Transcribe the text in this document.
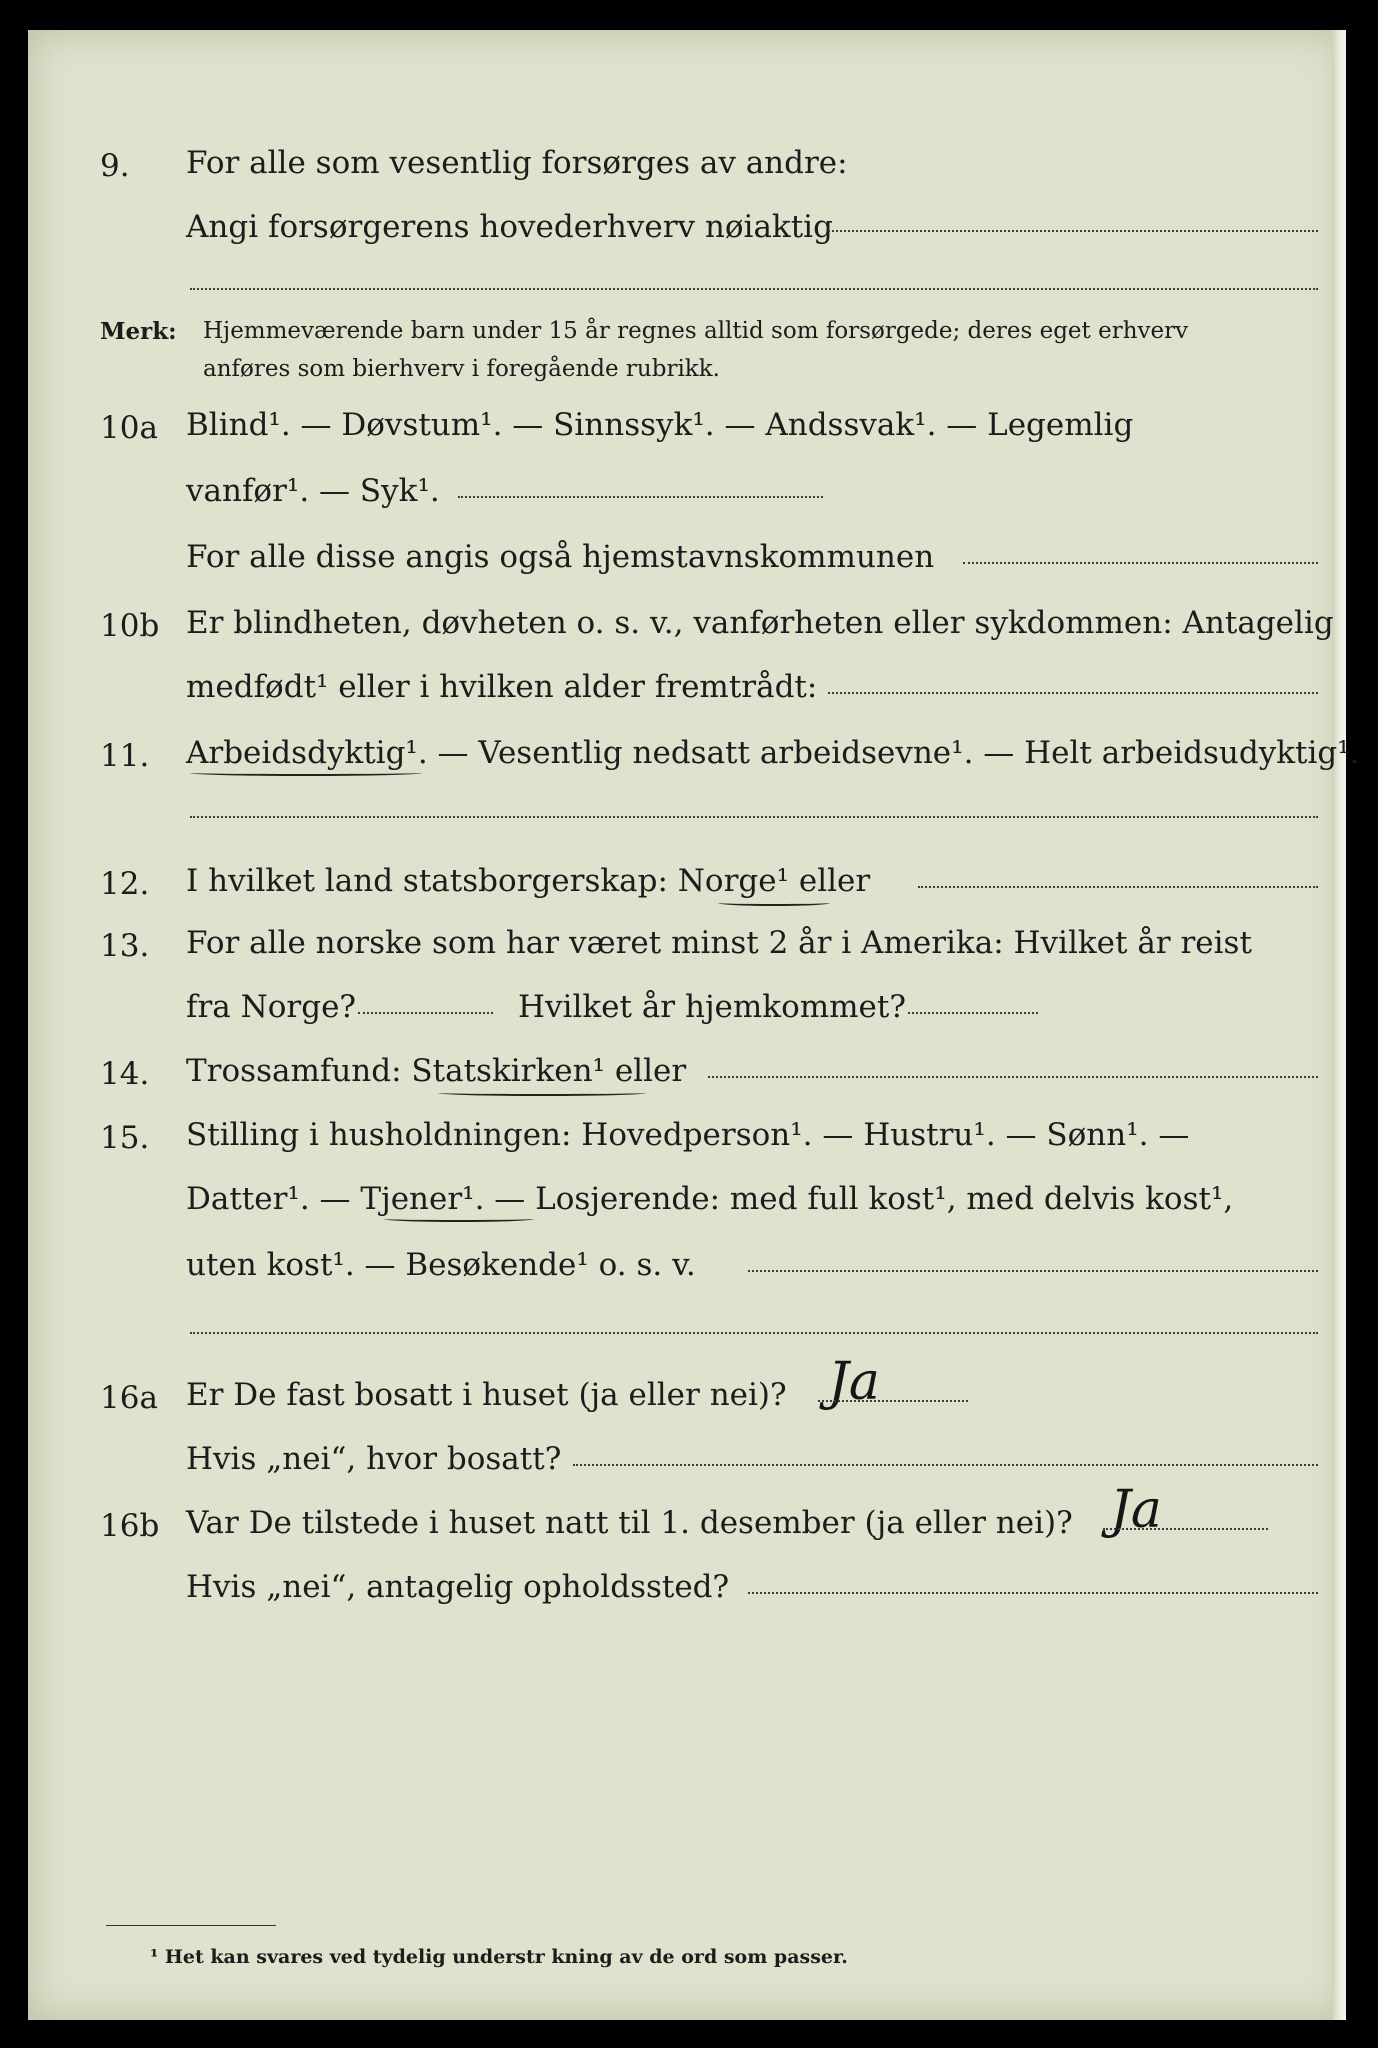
9. For alle som vesentlig forsørges av andre:
Angi forsørgerens hovederhverv nøiaktig
Merk: Hjemmeværende barn under 15 år regnes alltid som forsørgede; deres eget erhverv
anføres som bierhverv i foregående rubrikk.
10a Blind¹. — Døvstum¹. — Sinnssyk¹. — Andssvak¹. — Legemlig
vanfør¹. — Syk¹.
For alle disse angis også hjemstavnskommunen
10b Er blindheten, døvheten o. s. v., vanførheten eller sykdommen: Antagelig
medfødt¹ eller i hvilken alder fremtrådt:
11. Arbeidsdyktig¹. — Vesentlig nedsatt arbeidsevne¹. — Helt arbeidsudyktig¹.
12. I hvilket land statsborgerskap: Norge¹ eller
13. For alle norske som har været minst 2 år i Amerika: Hvilket år reist
fra Norge?	Hvilket år hjemkommet?
14. Trossamfund: Statskirken¹ eller
15. Stilling i husholdningen: Hovedperson¹. — Hustru¹. — Sønn¹. —
Datter¹. — Tjener¹. — Losjerende: med full kost¹, med delvis kost¹,
uten kost¹. — Besøkende¹ o. s. v.
16a Er De fast bosatt i huset (ja eller nei)? Ja
Hvis „nei“, hvor bosatt?
16b Var De tilstede i huset natt til 1. desember (ja eller nei)? Ja
Hvis „nei“, antagelig opholdssted?
¹ Het kan svares ved tydelig understr kning av de ord som passer.
